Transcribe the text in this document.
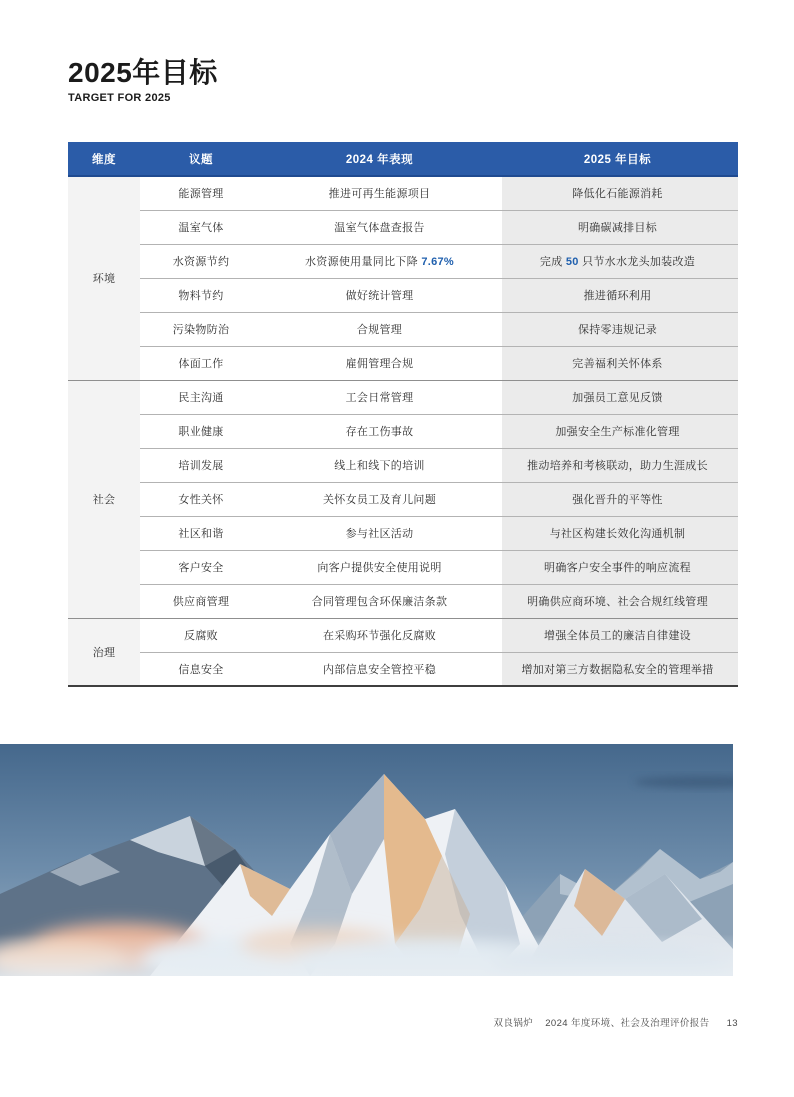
2025年目标
TARGET FOR 2025
维度	议题	2024 年表现	2025 年目标
环境	能源管理	推进可再生能源项目	降低化石能源消耗
	温室气体	温室气体盘查报告	明确碳减排目标
	水资源节约	水资源使用量同比下降 7.67%	完成 50 只节水水龙头加装改造
	物料节约	做好统计管理	推进循环利用
	污染物防治	合规管理	保持零违规记录
	体面工作	雇佣管理合规	完善福利关怀体系
社会	民主沟通	工会日常管理	加强员工意见反馈
	职业健康	存在工伤事故	加强安全生产标准化管理
	培训发展	线上和线下的培训	推动培养和考核联动，助力生涯成长
	女性关怀	关怀女员工及育儿问题	强化晋升的平等性
	社区和谐	参与社区活动	与社区构建长效化沟通机制
	客户安全	向客户提供安全使用说明	明确客户安全事件的响应流程
	供应商管理	合同管理包含环保廉洁条款	明确供应商环境、社会合规红线管理
治理	反腐败	在采购环节强化反腐败	增强全体员工的廉洁自律建设
	信息安全	内部信息安全管控平稳	增加对第三方数据隐私安全的管理举措
双良锅炉 2024 年度环境、社会及治理评价报告 13
